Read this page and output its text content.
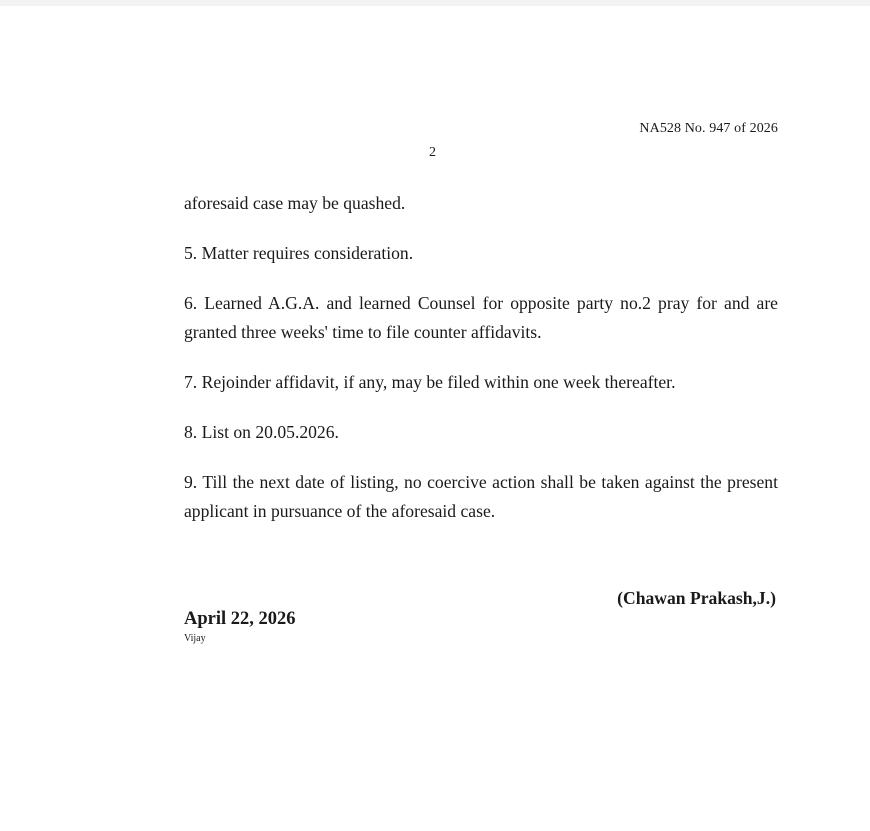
NA528 No. 947 of 2026
2

aforesaid case may be quashed.

5. Matter requires consideration.

6. Learned A.G.A. and learned Counsel for opposite party no.2 pray for and are granted three weeks' time to file counter affidavits.

7. Rejoinder affidavit, if any, may be filed within one week thereafter.

8. List on 20.05.2026.

9. Till the next date of listing, no coercive action shall be taken against the present applicant in pursuance of the aforesaid case.

(Chawan Prakash,J.)
April 22, 2026
Vijay
